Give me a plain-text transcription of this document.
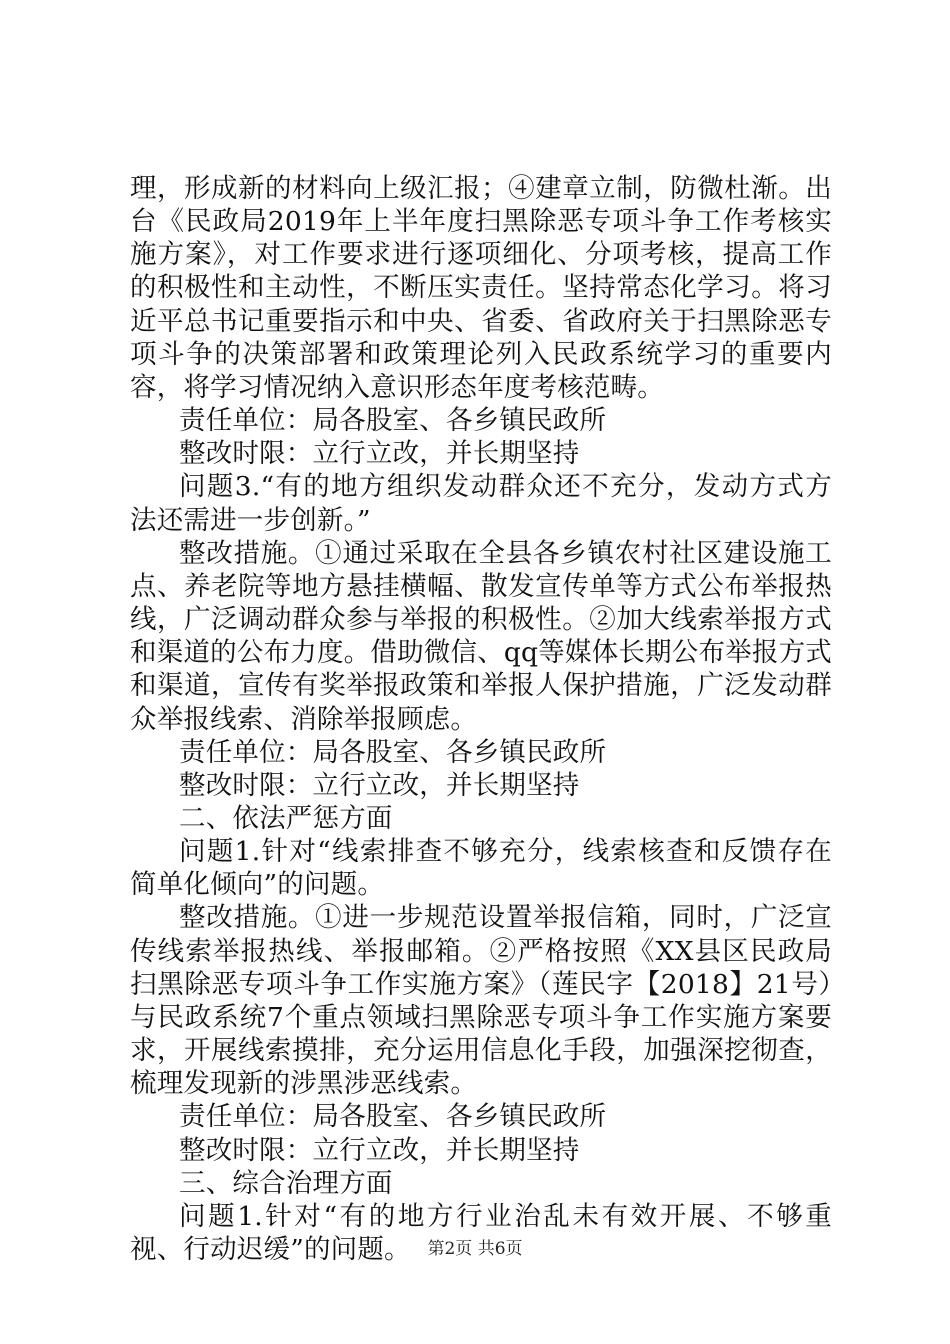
理，形成新的材料向上级汇报；④建章立制，防微杜渐。出台《民政局2019年上半年度扫黑除恶专项斗争工作考核实施方案》，对工作要求进行逐项细化、分项考核，提高工作的积极性和主动性，不断压实责任。坚持常态化学习。将习近平总书记重要指示和中央、省委、省政府关于扫黑除恶专项斗争的决策部署和政策理论列入民政系统学习的重要内容，将学习情况纳入意识形态年度考核范畴。

责任单位：局各股室、各乡镇民政所

整改时限：立行立改，并长期坚持

问题3.“有的地方组织发动群众还不充分，发动方式方法还需进一步创新。”

整改措施。①通过采取在全县各乡镇农村社区建设施工点、养老院等地方悬挂横幅、散发宣传单等方式公布举报热线，广泛调动群众参与举报的积极性。②加大线索举报方式和渠道的公布力度。借助微信、qq等媒体长期公布举报方式和渠道，宣传有奖举报政策和举报人保护措施，广泛发动群众举报线索、消除举报顾虑。

责任单位：局各股室、各乡镇民政所

整改时限：立行立改，并长期坚持

二、依法严惩方面

问题1.针对“线索排查不够充分，线索核查和反馈存在简单化倾向”的问题。

整改措施。①进一步规范设置举报信箱，同时，广泛宣传线索举报热线、举报邮箱。②严格按照《XX县区民政局扫黑除恶专项斗争工作实施方案》（莲民字【2018】21号）与民政系统7个重点领域扫黑除恶专项斗争工作实施方案要求，开展线索摸排，充分运用信息化手段，加强深挖彻查，梳理发现新的涉黑涉恶线索。

责任单位：局各股室、各乡镇民政所

整改时限：立行立改，并长期坚持

三、综合治理方面

问题1.针对“有的地方行业治乱未有效开展、不够重视、行动迟缓”的问题。 第2页 共6页
